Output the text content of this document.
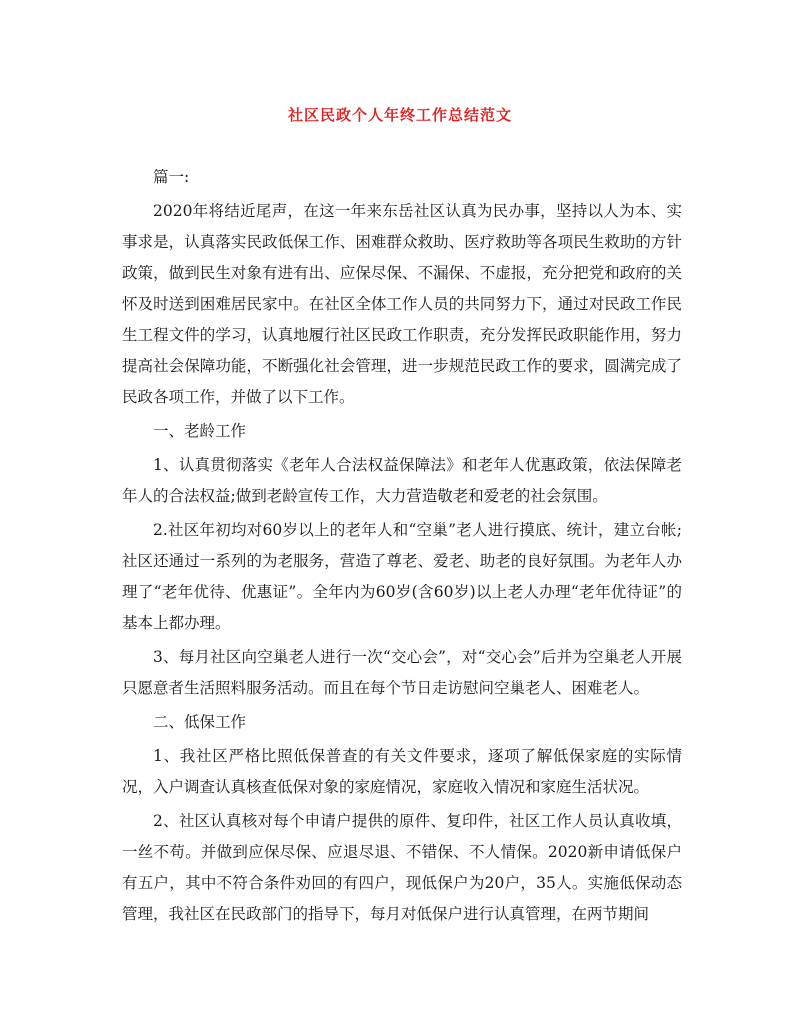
社区民政个人年终工作总结范文

篇一:

2020年将结近尾声，在这一年来东岳社区认真为民办事，坚持以人为本、实事求是，认真落实民政低保工作、困难群众救助、医疗救助等各项民生救助的方针政策，做到民生对象有进有出、应保尽保、不漏保、不虚报，充分把党和政府的关怀及时送到困难居民家中。在社区全体工作人员的共同努力下，通过对民政工作民生工程文件的学习，认真地履行社区民政工作职责，充分发挥民政职能作用，努力提高社会保障功能，不断强化社会管理，进一步规范民政工作的要求，圆满完成了民政各项工作，并做了以下工作。

一、老龄工作

1、认真贯彻落实《老年人合法权益保障法》和老年人优惠政策，依法保障老年人的合法权益;做到老龄宣传工作，大力营造敬老和爱老的社会氛围。

2.社区年初均对60岁以上的老年人和“空巢”老人进行摸底、统计，建立台帐;社区还通过一系列的为老服务，营造了尊老、爱老、助老的良好氛围。为老年人办理了“老年优待、优惠证”。全年内为60岁(含60岁)以上老人办理“老年优待证”的基本上都办理。

3、每月社区向空巢老人进行一次“交心会”，对“交心会”后并为空巢老人开展只愿意者生活照料服务活动。而且在每个节日走访慰问空巢老人、困难老人。

二、低保工作

1、我社区严格比照低保普查的有关文件要求，逐项了解低保家庭的实际情况，入户调查认真核查低保对象的家庭情况，家庭收入情况和家庭生活状况。

2、社区认真核对每个申请户提供的原件、复印件，社区工作人员认真收填，一丝不苟。并做到应保尽保、应退尽退、不错保、不人情保。2020新申请低保户有五户，其中不符合条件劝回的有四户，现低保户为20户，35人。实施低保动态管理，我社区在民政部门的指导下，每月对低保户进行认真管理，在两节期间
